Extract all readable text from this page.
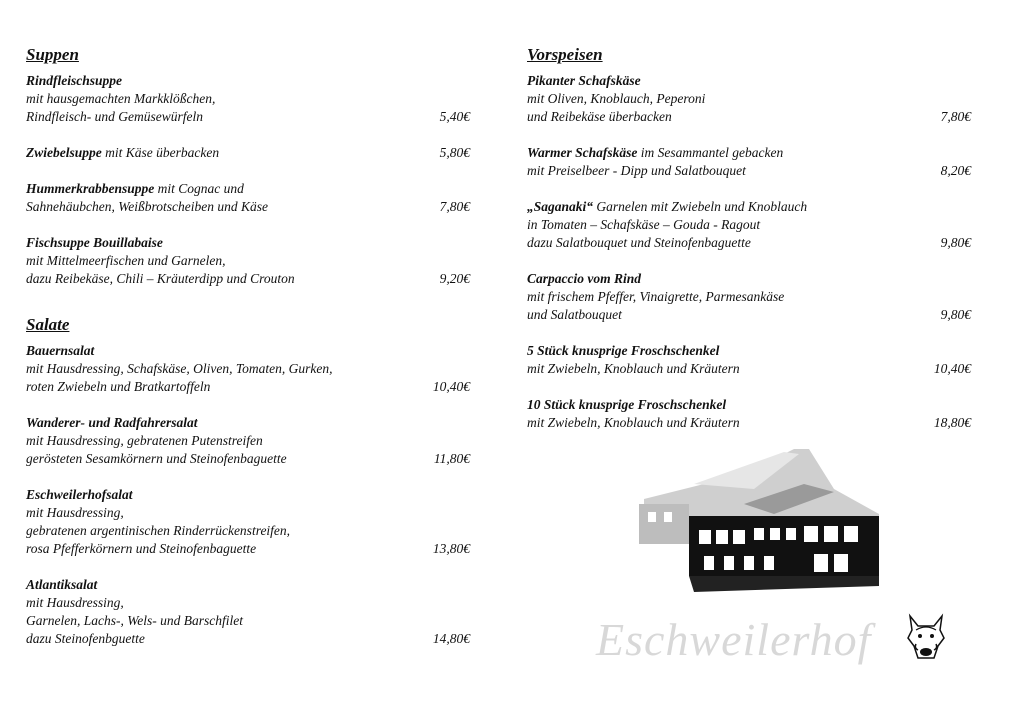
Suppen
Rindfleischsuppe
mit hausgemachten Markklößchen,
Rindfleisch- und Gemüsewürfeln	5,40€
Zwiebelsuppe mit Käse überbacken	5,80€
Hummerkrabbensuppe mit Cognac und
Sahnehäubchen, Weißbrotscheiben und Käse	7,80€
Fischsuppe Bouillabaise
mit Mittelmeerfischen und Garnelen,
dazu Reibekäse, Chili – Kräuterdipp und Crouton	9,20€
Salate
Bauernsalat
mit Hausdressing, Schafskäse, Oliven, Tomaten, Gurken,
roten Zwiebeln und Bratkartoffeln	10,40€
Wanderer- und Radfahrersalat
mit Hausdressing, gebratenen Putenstreifen
gerösteten Sesamkörnern und Steinofenbaguette	11,80€
Eschweilerhofsalat
mit Hausdressing,
gebratenen argentinischen Rinderrückenstreifen,
rosa Pfefferkörnern und Steinofenbaguette	13,80€
Atlantiksalat
mit Hausdressing,
Garnelen, Lachs-, Wels- und Barschfilet
dazu Steinofenbguette	14,80€
Vorspeisen
Pikanter Schafskäse
mit Oliven, Knoblauch, Peperoni
und Reibekäse überbacken	7,80€
Warmer Schafskäse im Sesammantel gebacken
mit Preiselbeer - Dipp und Salatbouquet	8,20€
„Saganaki“ Garnelen mit Zwiebeln und Knoblauch
in Tomaten – Schafskäse – Gouda - Ragout
dazu Salatbouquet und Steinofenbaguette	9,80€
Carpaccio vom Rind
mit frischem Pfeffer, Vinaigrette, Parmesankäse
und Salatbouquet	9,80€
5 Stück knusprige Froschschenkel
mit Zwiebeln, Knoblauch und Kräutern	10,40€
10 Stück knusprige Froschschenkel
mit Zwiebeln, Knoblauch und Kräutern	18,80€
Eschweilerhof
